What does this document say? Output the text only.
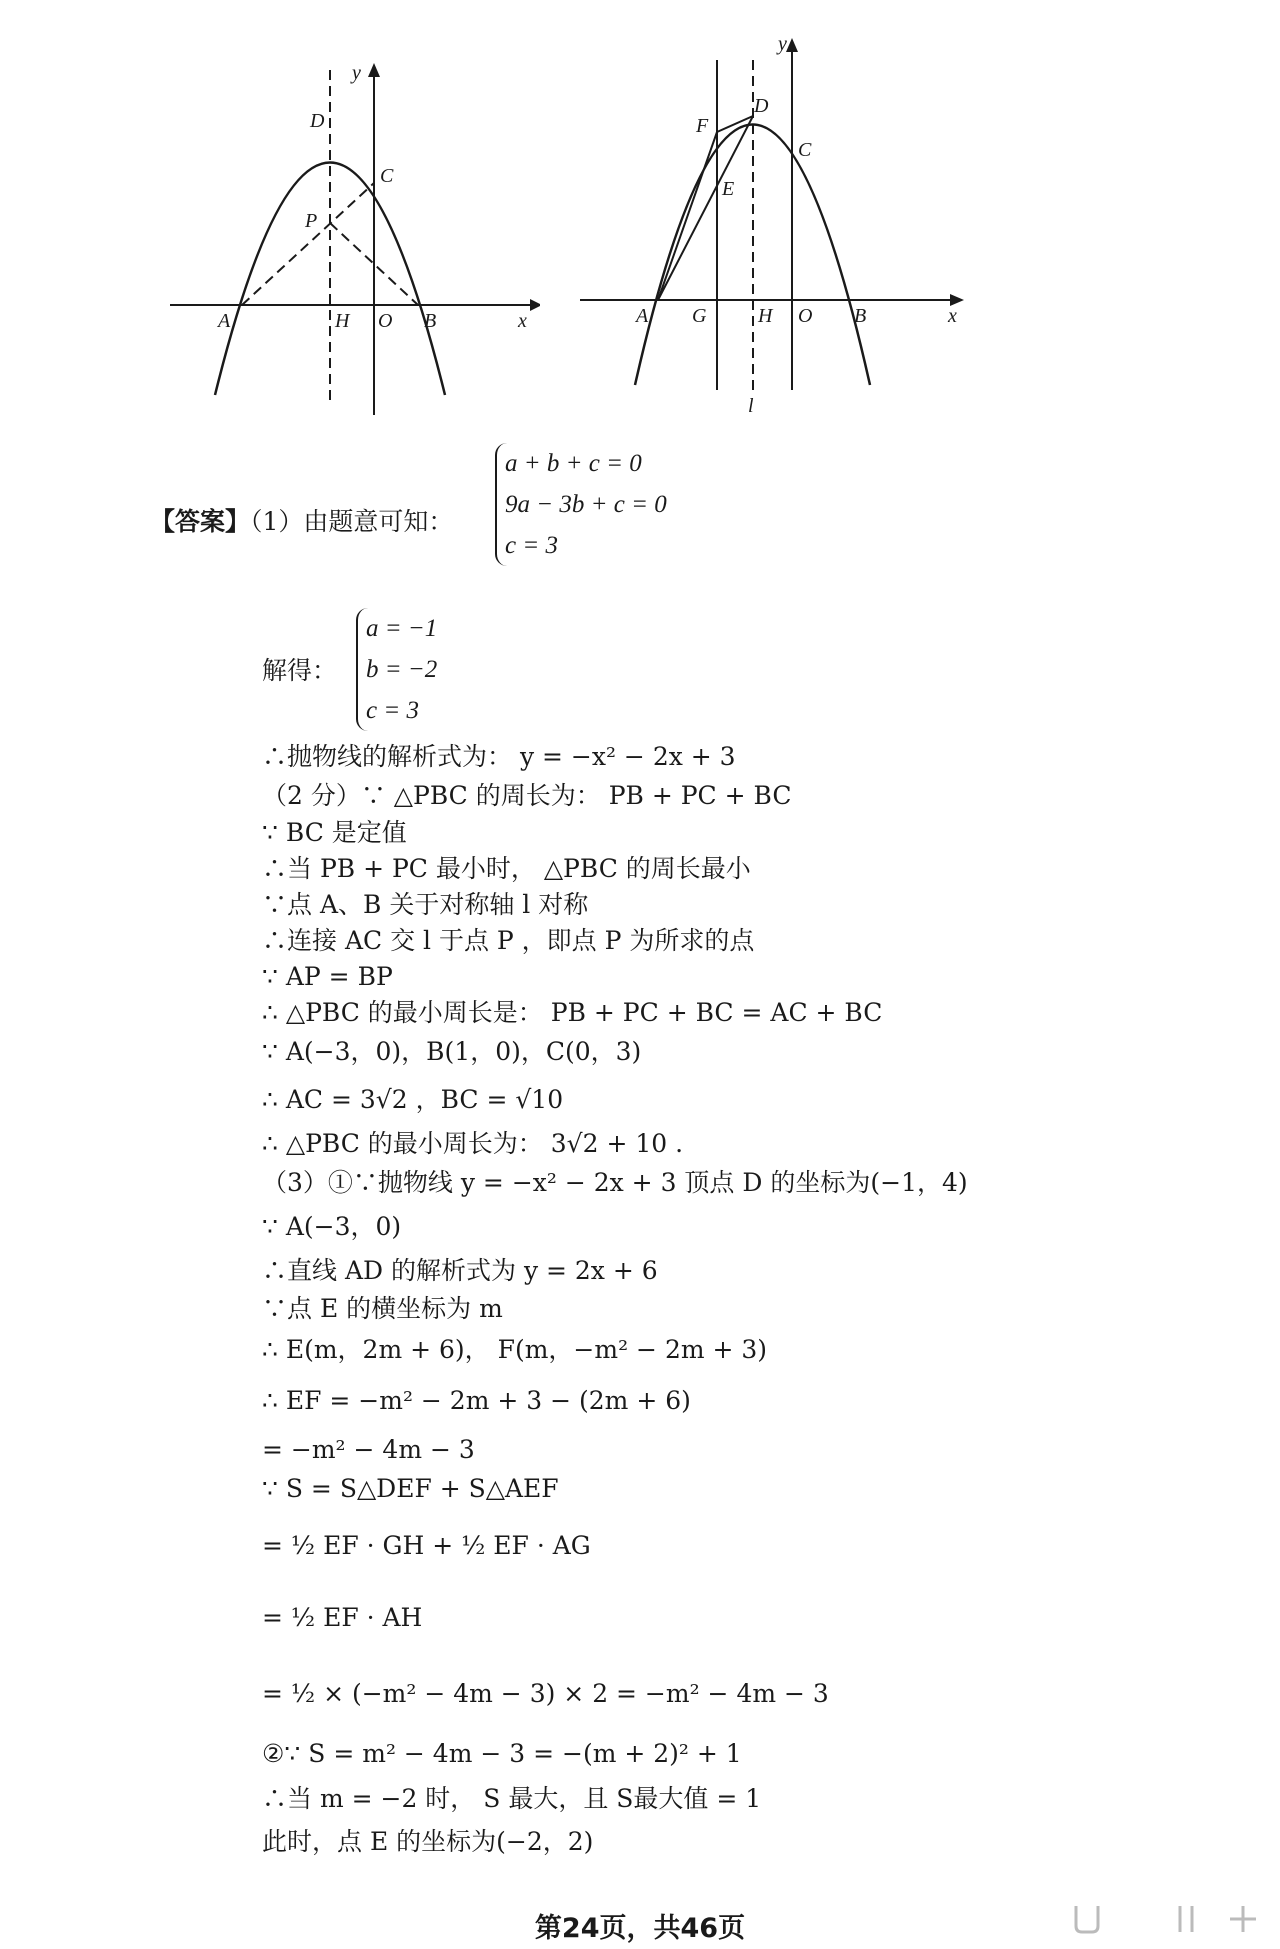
y
D
C
P
A	H O B	x
y
D
F
C
E
A G	H O B	x
l
【答案】（1）由题意可知：
a + b + c = 0
9a − 3b + c = 0
c = 3
解得：
a = −1
b = −2
c = 3
∴抛物线的解析式为： y = −x² − 2x + 3
（2 分）∵ △PBC 的周长为： PB + PC + BC
∵ BC 是定值
∴当 PB + PC 最小时， △PBC 的周长最小
∵点 A、B 关于对称轴 l 对称
∴连接 AC 交 l 于点 P ，即点 P 为所求的点
∵ AP = BP
∴ △PBC 的最小周长是： PB + PC + BC = AC + BC
∵ A(−3，0)，B(1，0)，C(0，3)
∴ AC = 3√2 ，BC = √10
∴ △PBC 的最小周长为： 3√2 + 10 .
（3）①∵抛物线 y = −x² − 2x + 3 顶点 D 的坐标为(−1，4)
∵ A(−3，0)
∴直线 AD 的解析式为 y = 2x + 6
∵点 E 的横坐标为 m
∴ E(m，2m + 6)， F(m，−m² − 2m + 3)
∴ EF = −m² − 2m + 3 − (2m + 6)
= −m² − 4m − 3
∵ S = S△DEF + S△AEF
= ½ EF · GH + ½ EF · AG
= ½ EF · AH
= ½ × (−m² − 4m − 3) × 2 = −m² − 4m − 3
②∵ S = m² − 4m − 3 = −(m + 2)² + 1
∴当 m = −2 时， S 最大，且 S最大值 = 1
此时，点 E 的坐标为(−2，2)
第24页，共46页
